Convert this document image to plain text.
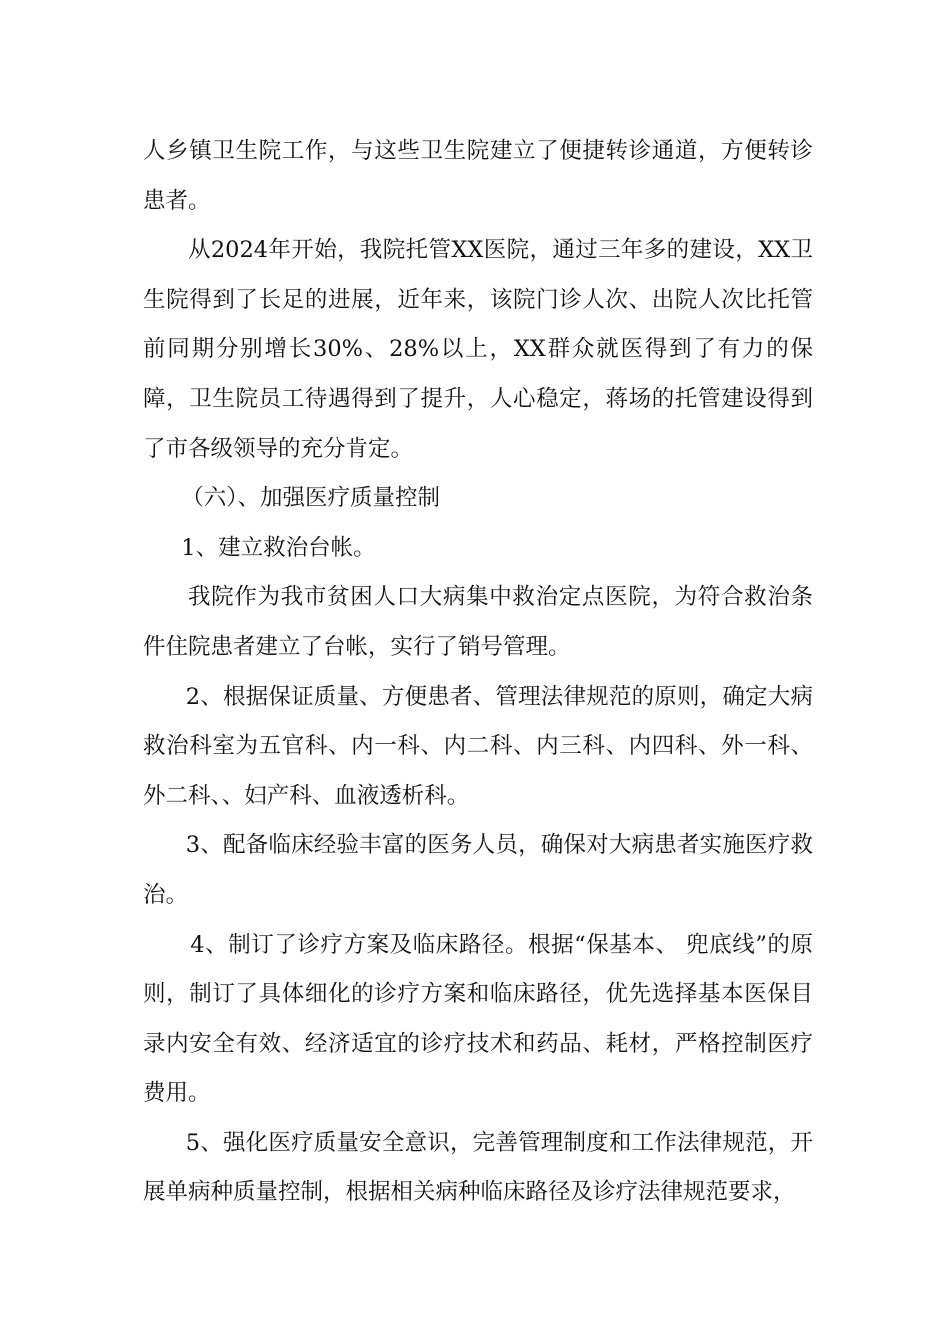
人乡镇卫生院工作，与这些卫生院建立了便捷转诊通道，方便转诊患者。

从2024年开始，我院托管XX医院，通过三年多的建设，XX卫生院得到了长足的进展，近年来，该院门诊人次、出院人次比托管前同期分别增长30%、28%以上，XX群众就医得到了有力的保障，卫生院员工待遇得到了提升，人心稳定，蒋场的托管建设得到了市各级领导的充分肯定。

（六）、加强医疗质量控制

1、建立救治台帐。

我院作为我市贫困人口大病集中救治定点医院，为符合救治条件住院患者建立了台帐，实行了销号管理。

2、根据保证质量、方便患者、管理法律规范的原则，确定大病救治科室为五官科、内一科、内二科、内三科、内四科、外一科、外二科、、妇产科、血液透析科。

3、配备临床经验丰富的医务人员，确保对大病患者实施医疗救治。

4、制订了诊疗方案及临床路径。根据“保基本、 兜底线”的原则，制订了具体细化的诊疗方案和临床路径，优先选择基本医保目录内安全有效、经济适宜的诊疗技术和药品、耗材，严格控制医疗费用。

5、强化医疗质量安全意识，完善管理制度和工作法律规范，开展单病种质量控制，根据相关病种临床路径及诊疗法律规范要求，
